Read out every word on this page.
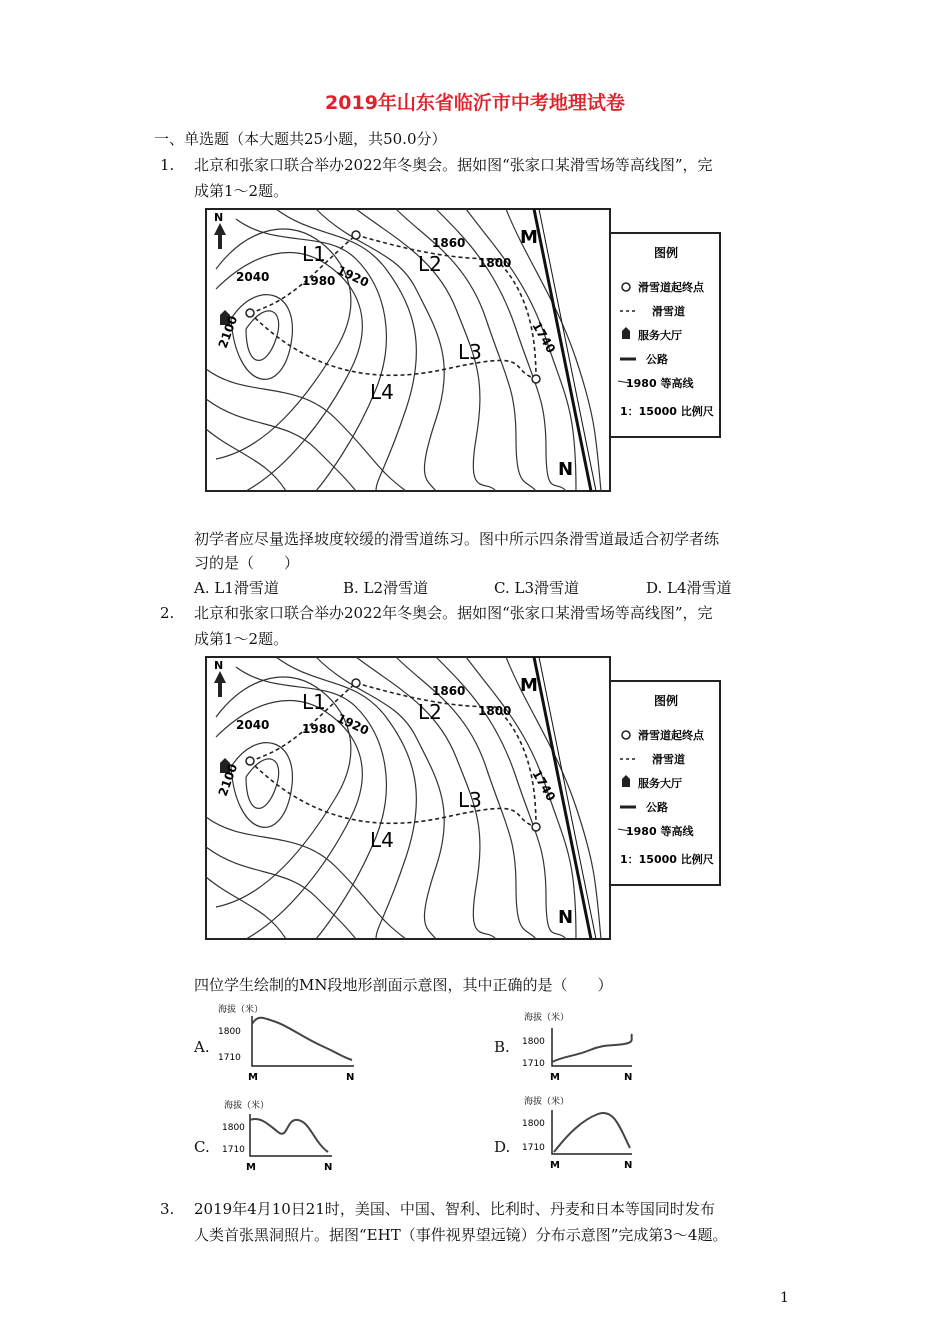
2019年山东省临沂市中考地理试卷
一、单选题（本大题共25小题，共50.0分）
1. 北京和张家口联合举办2022年冬奥会。据如图“张家口某滑雪场等高线图”，完
成第1～2题。
初学者应尽量选择坡度较缓的滑雪道练习。图中所示四条滑雪道最适合初学者练
习的是（　　）
A. L1滑雪道	B. L2滑雪道	C. L3滑雪道	D. L4滑雪道
2. 北京和张家口联合举办2022年冬奥会。据如图“张家口某滑雪场等高线图”，完
成第1～2题。
四位学生绘制的MN段地形剖面示意图，其中正确的是（　　）
A.
海拔（米）
1800
1710
M	N
B.
海拔（米）
1800
1710
M	N
C.
海拔（米）
1800
1710
M	N
D.
海拔（米）
1800
1710
M	N
3. 2019年4月10日21时，美国、中国、智利、比利时、丹麦和日本等国同时发布
人类首张黑洞照片。据图“EHT（事件视界望远镜）分布示意图”完成第3～4题。
1
